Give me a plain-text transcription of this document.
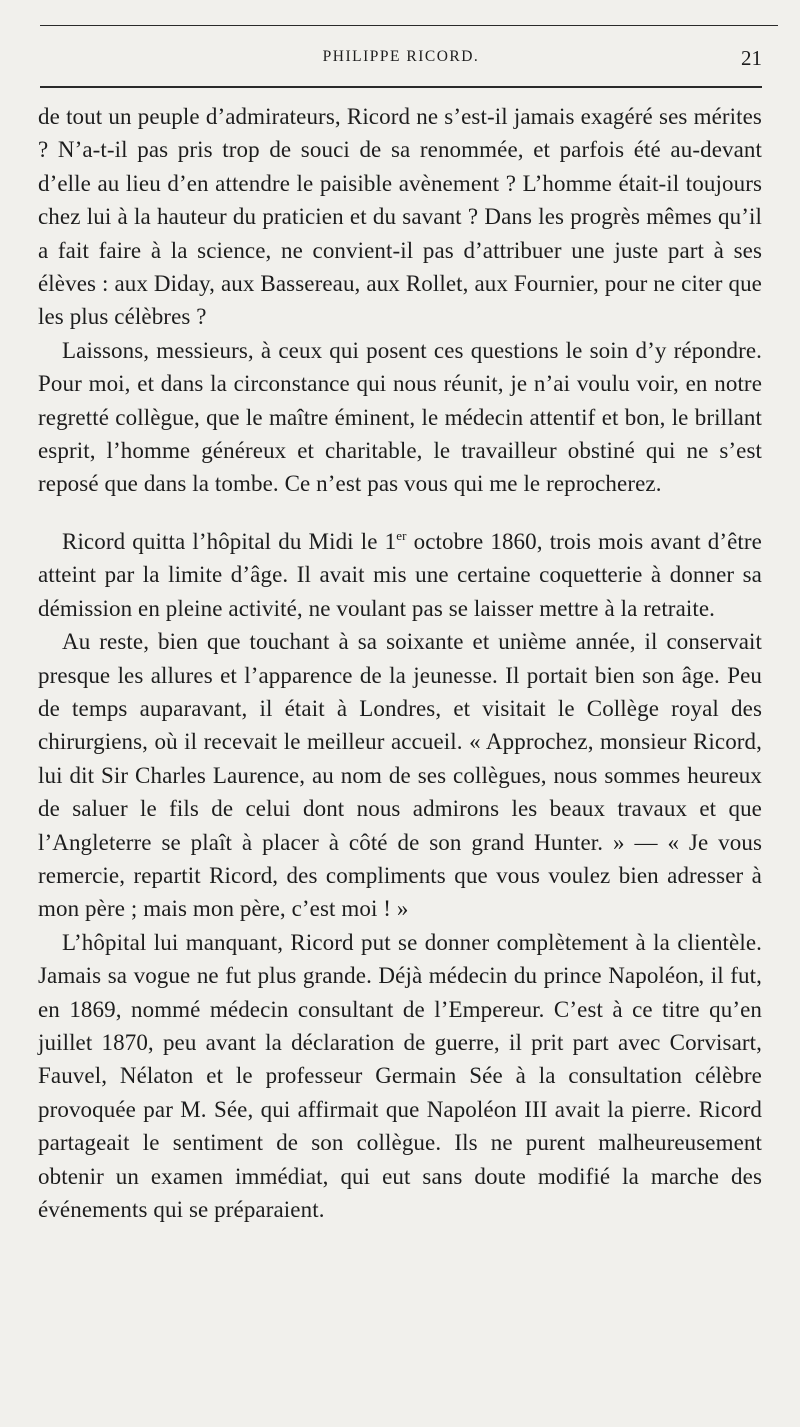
PHILIPPE RICORD.	21

de tout un peuple d’admirateurs, Ricord ne s’est-il jamais exagéré ses mérites ? N’a-t-il pas pris trop de souci de sa renommée, et parfois été au-devant d’elle au lieu d’en attendre le paisible avènement ? L’homme était-il toujours chez lui à la hauteur du praticien et du savant ? Dans les progrès mêmes qu’il a fait faire à la science, ne convient-il pas d’attribuer une juste part à ses élèves : aux Diday, aux Bassereau, aux Rollet, aux Fournier, pour ne citer que les plus célèbres ?

Laissons, messieurs, à ceux qui posent ces questions le soin d’y répondre. Pour moi, et dans la circonstance qui nous réunit, je n’ai voulu voir, en notre regretté collègue, que le maître éminent, le médecin attentif et bon, le brillant esprit, l’homme généreux et charitable, le travailleur obstiné qui ne s’est reposé que dans la tombe. Ce n’est pas vous qui me le reprocherez.

Ricord quitta l’hôpital du Midi le 1er octobre 1860, trois mois avant d’être atteint par la limite d’âge. Il avait mis une certaine coquetterie à donner sa démission en pleine activité, ne voulant pas se laisser mettre à la retraite.

Au reste, bien que touchant à sa soixante et unième année, il conservait presque les allures et l’apparence de la jeunesse. Il portait bien son âge. Peu de temps auparavant, il était à Londres, et visitait le Collège royal des chirurgiens, où il recevait le meilleur accueil. « Approchez, monsieur Ricord, lui dit Sir Charles Laurence, au nom de ses collègues, nous sommes heureux de saluer le fils de celui dont nous admirons les beaux travaux et que l’Angleterre se plaît à placer à côté de son grand Hunter. » — « Je vous remercie, repartit Ricord, des compliments que vous voulez bien adresser à mon père ; mais mon père, c’est moi ! »

L’hôpital lui manquant, Ricord put se donner complètement à la clientèle. Jamais sa vogue ne fut plus grande. Déjà médecin du prince Napoléon, il fut, en 1869, nommé médecin consultant de l’Empereur. C’est à ce titre qu’en juillet 1870, peu avant la déclaration de guerre, il prit part avec Corvisart, Fauvel, Nélaton et le professeur Germain Sée à la consultation célèbre provoquée par M. Sée, qui affirmait que Napoléon III avait la pierre. Ricord partageait le sentiment de son collègue. Ils ne purent malheureusement obtenir un examen immédiat, qui eut sans doute modifié la marche des événements qui se préparaient.
